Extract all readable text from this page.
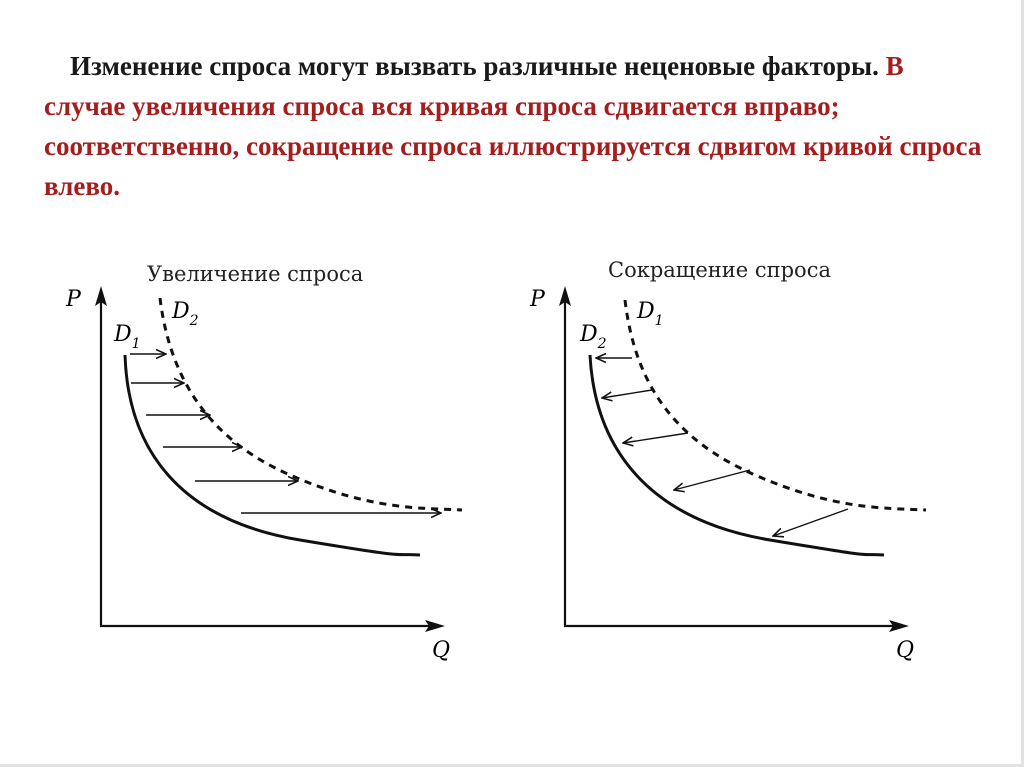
Изменение спроса могут вызвать различные неценовые факторы. В случае увеличения спроса вся кривая спроса сдвигается вправо; соответственно, сокращение спроса иллюстрируется сдвигом кривой спроса влево.
Увеличение спроса
P
Q
$D_1$
$D_2$
Сокращение спроса
P
Q
$D_2$
$D_1$
